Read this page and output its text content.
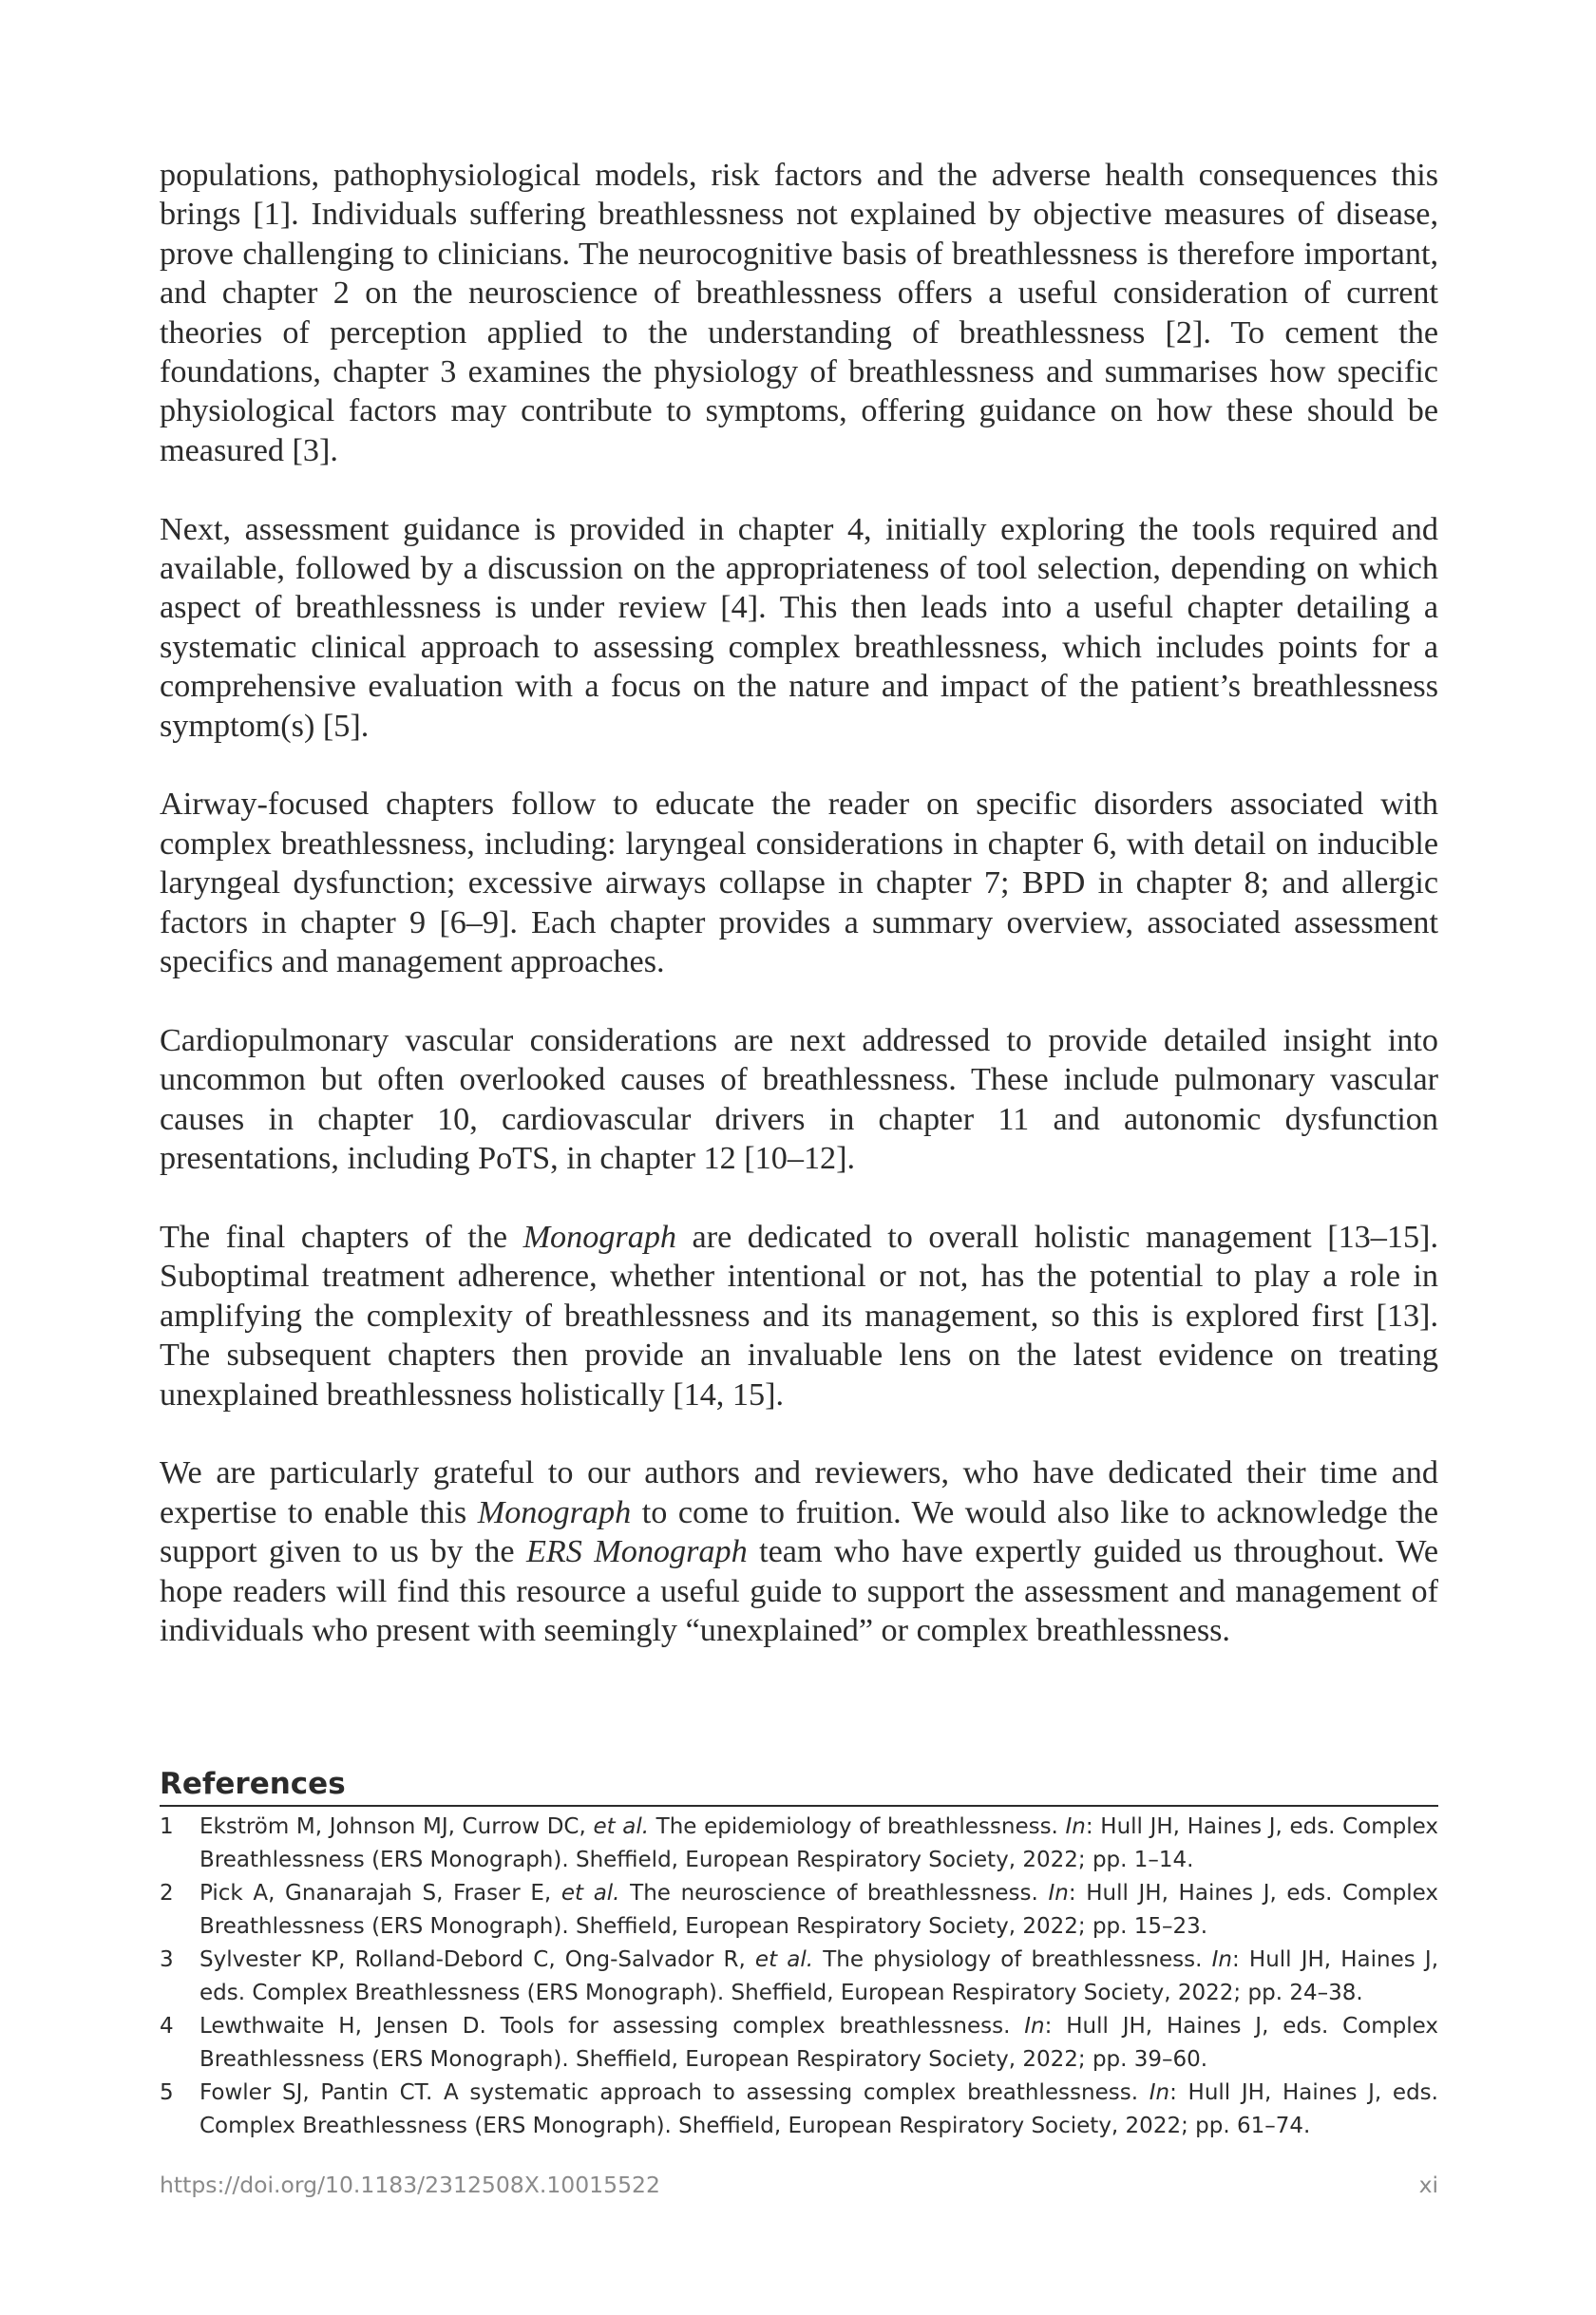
populations, pathophysiological models, risk factors and the adverse health consequences this brings [1]. Individuals suffering breathlessness not explained by objective measures of disease, prove challenging to clinicians. The neurocognitive basis of breathlessness is therefore important, and chapter 2 on the neuroscience of breathlessness offers a useful consideration of current theories of perception applied to the understanding of breathlessness [2]. To cement the foundations, chapter 3 examines the physiology of breathlessness and summarises how specific physiological factors may contribute to symptoms, offering guidance on how these should be measured [3].

Next, assessment guidance is provided in chapter 4, initially exploring the tools required and available, followed by a discussion on the appropriateness of tool selection, depending on which aspect of breathlessness is under review [4]. This then leads into a useful chapter detailing a systematic clinical approach to assessing complex breathlessness, which includes points for a comprehensive evaluation with a focus on the nature and impact of the patient’s breathlessness symptom(s) [5].

Airway-focused chapters follow to educate the reader on specific disorders associated with complex breathlessness, including: laryngeal considerations in chapter 6, with detail on inducible laryngeal dysfunction; excessive airways collapse in chapter 7; BPD in chapter 8; and allergic factors in chapter 9 [6–9]. Each chapter provides a summary overview, associated assessment specifics and management approaches.

Cardiopulmonary vascular considerations are next addressed to provide detailed insight into uncommon but often overlooked causes of breathlessness. These include pulmonary vascular causes in chapter 10, cardiovascular drivers in chapter 11 and autonomic dysfunction presentations, including PoTS, in chapter 12 [10–12].

The final chapters of the Monograph are dedicated to overall holistic management [13–15]. Suboptimal treatment adherence, whether intentional or not, has the potential to play a role in amplifying the complexity of breathlessness and its management, so this is explored first [13]. The subsequent chapters then provide an invaluable lens on the latest evidence on treating unexplained breathlessness holistically [14, 15].

We are particularly grateful to our authors and reviewers, who have dedicated their time and expertise to enable this Monograph to come to fruition. We would also like to acknowledge the support given to us by the ERS Monograph team who have expertly guided us throughout. We hope readers will find this resource a useful guide to support the assessment and management of individuals who present with seemingly “unexplained” or complex breathlessness.

References
1 Ekström M, Johnson MJ, Currow DC, et al. The epidemiology of breathlessness. In: Hull JH, Haines J, eds. Complex Breathlessness (ERS Monograph). Sheffield, European Respiratory Society, 2022; pp. 1–14.
2 Pick A, Gnanarajah S, Fraser E, et al. The neuroscience of breathlessness. In: Hull JH, Haines J, eds. Complex Breathlessness (ERS Monograph). Sheffield, European Respiratory Society, 2022; pp. 15–23.
3 Sylvester KP, Rolland-Debord C, Ong-Salvador R, et al. The physiology of breathlessness. In: Hull JH, Haines J, eds. Complex Breathlessness (ERS Monograph). Sheffield, European Respiratory Society, 2022; pp. 24–38.
4 Lewthwaite H, Jensen D. Tools for assessing complex breathlessness. In: Hull JH, Haines J, eds. Complex Breathlessness (ERS Monograph). Sheffield, European Respiratory Society, 2022; pp. 39–60.
5 Fowler SJ, Pantin CT. A systematic approach to assessing complex breathlessness. In: Hull JH, Haines J, eds. Complex Breathlessness (ERS Monograph). Sheffield, European Respiratory Society, 2022; pp. 61–74.
https://doi.org/10.1183/2312508X.10015522	xi
